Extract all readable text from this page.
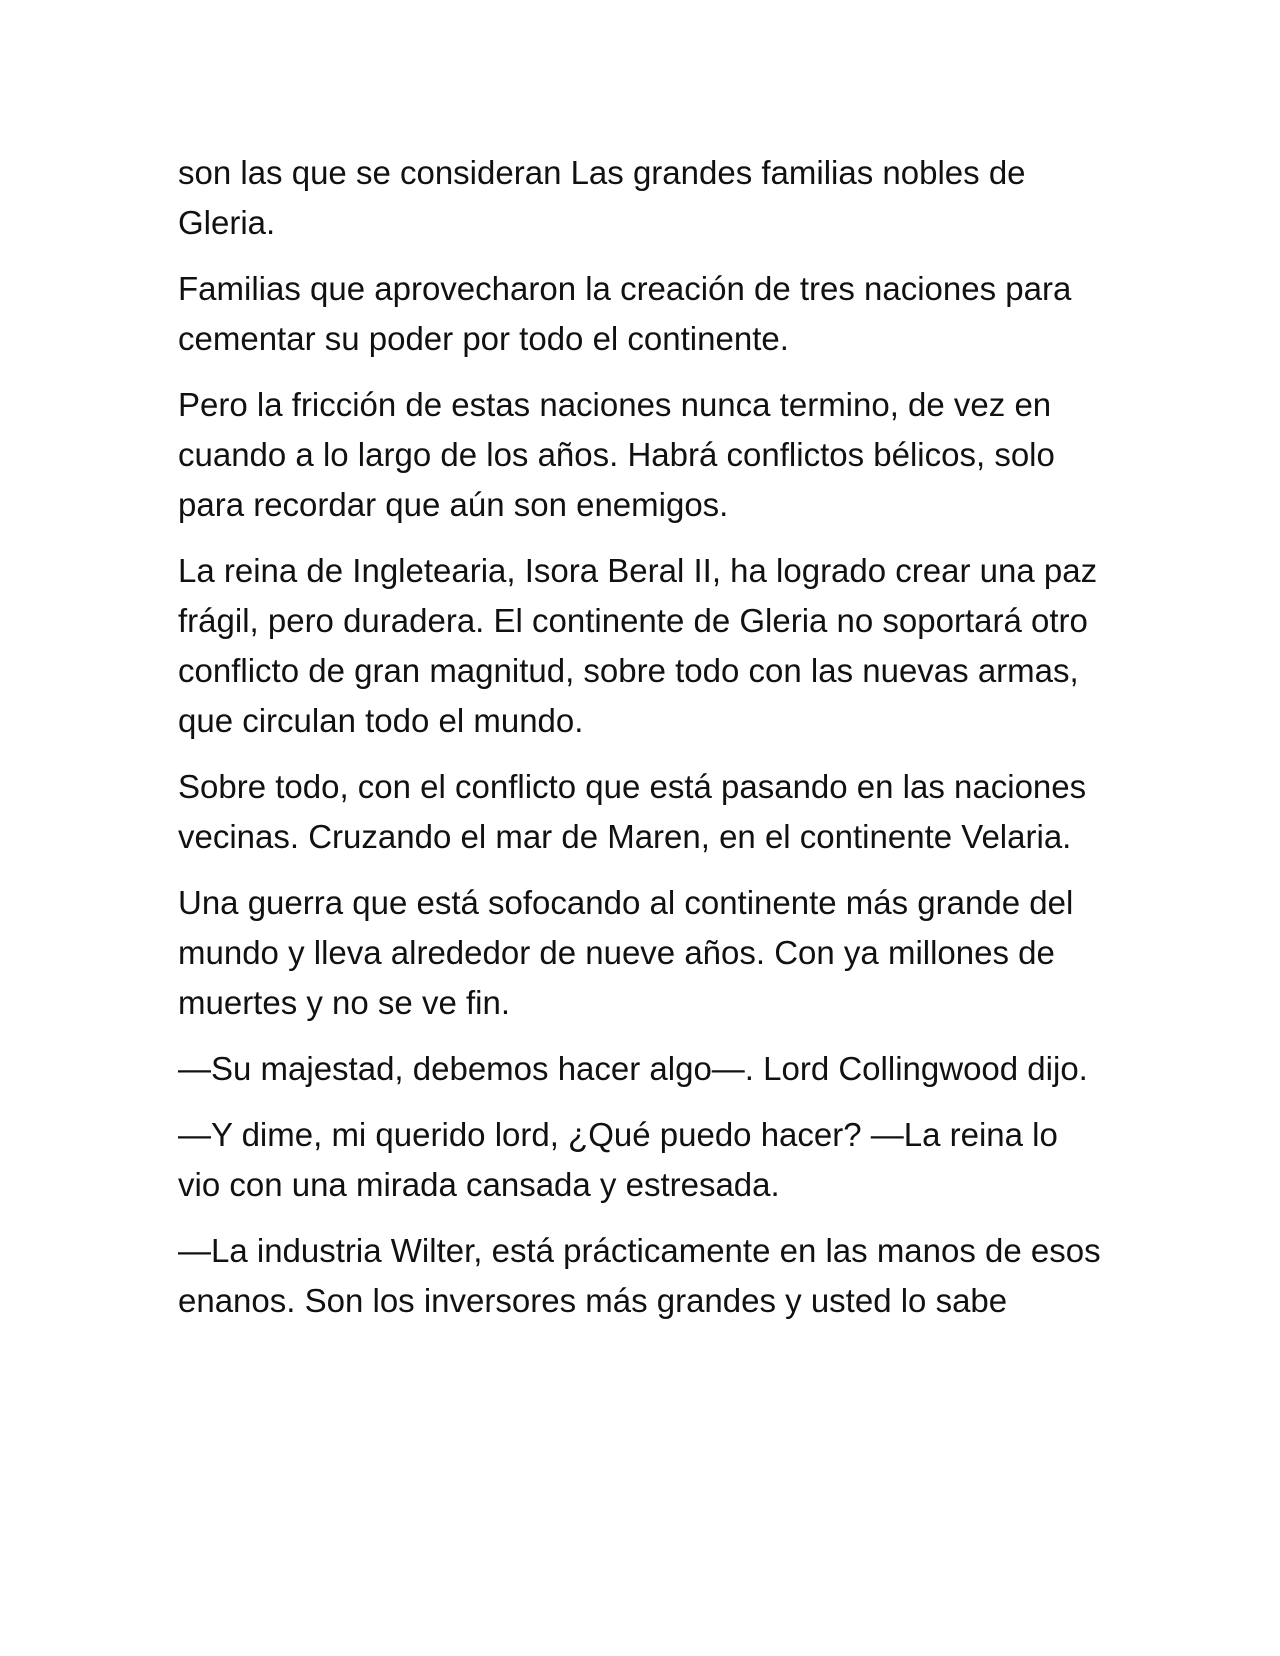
son las que se consideran Las grandes familias nobles de Gleria.

Familias que aprovecharon la creación de tres naciones para cementar su poder por todo el continente.

Pero la fricción de estas naciones nunca termino, de vez en cuando a lo largo de los años. Habrá conflictos bélicos, solo para recordar que aún son enemigos.

La reina de Ingletearia, Isora Beral II, ha logrado crear una paz frágil, pero duradera. El continente de Gleria no soportará otro conflicto de gran magnitud, sobre todo con las nuevas armas, que circulan todo el mundo.

Sobre todo, con el conflicto que está pasando en las naciones vecinas. Cruzando el mar de Maren, en el continente Velaria.

Una guerra que está sofocando al continente más grande del mundo y lleva alrededor de nueve años. Con ya millones de muertes y no se ve fin.

—Su majestad, debemos hacer algo—. Lord Collingwood dijo.

—Y dime, mi querido lord, ¿Qué puedo hacer? —La reina lo vio con una mirada cansada y estresada.

—La industria Wilter, está prácticamente en las manos de esos enanos. Son los inversores más grandes y usted lo sabe
